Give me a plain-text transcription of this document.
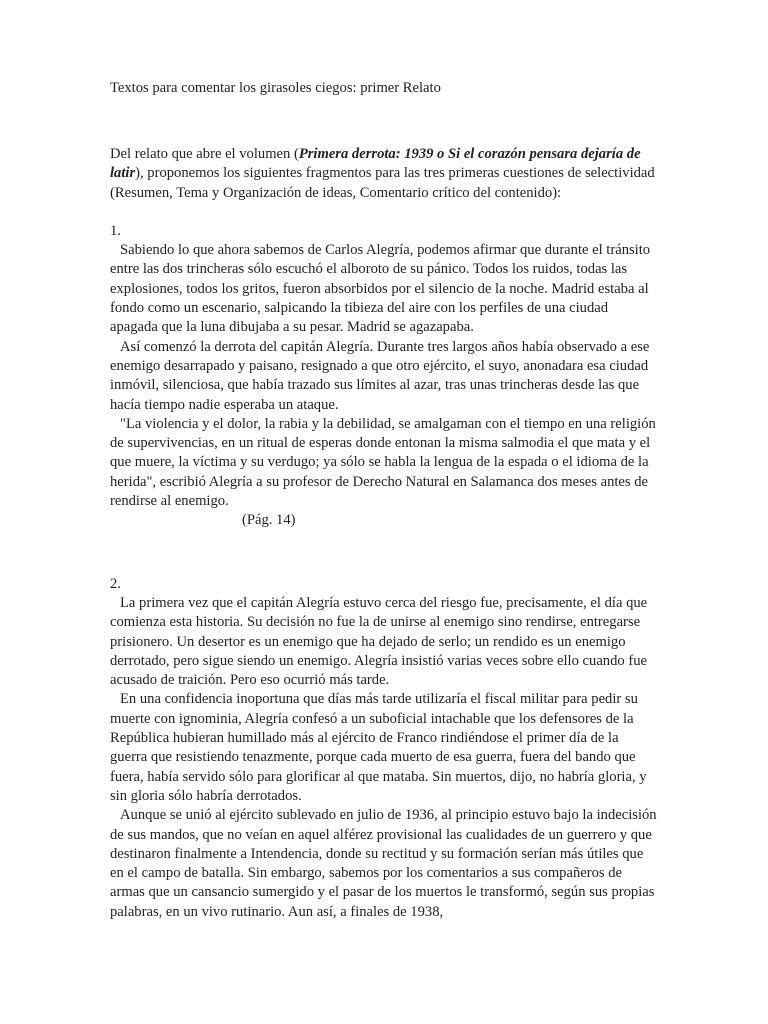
Textos para comentar los girasoles ciegos: primer Relato

Del relato que abre el volumen (Primera derrota: 1939 o Si el corazón pensara dejaría de latir), proponemos los siguientes fragmentos para las tres primeras cuestiones de selectividad (Resumen, Tema y Organización de ideas, Comentario crítico del contenido):

1.

Sabiendo lo que ahora sabemos de Carlos Alegría, podemos afirmar que durante el tránsito entre las dos trincheras sólo escuchó el alboroto de su pánico. Todos los ruidos, todas las explosiones, todos los gritos, fueron absorbidos por el silencio de la noche. Madrid estaba al fondo como un escenario, salpicando la tibieza del aire con los perfiles de una ciudad apagada que la luna dibujaba a su pesar. Madrid se agazapaba.

Así comenzó la derrota del capitán Alegría. Durante tres largos años había observado a ese enemigo desarrapado y paisano, resignado a que otro ejército, el suyo, anonadara esa ciudad inmóvil, silenciosa, que había trazado sus límites al azar, tras unas trincheras desde las que hacía tiempo nadie esperaba un ataque.

"La violencia y el dolor, la rabia y la debilidad, se amalgaman con el tiempo en una religión de supervivencias, en un ritual de esperas donde entonan la misma salmodia el que mata y el que muere, la víctima y su verdugo; ya sólo se habla la lengua de la espada o el idioma de la herida", escribió Alegría a su profesor de Derecho Natural en Salamanca dos meses antes de rendirse al enemigo.

(Pág. 14)

2.

La primera vez que el capitán Alegría estuvo cerca del riesgo fue, precisamente, el día que comienza esta historia. Su decisión no fue la de unirse al enemigo sino rendirse, entregarse prisionero. Un desertor es un enemigo que ha dejado de serlo; un rendido es un enemigo derrotado, pero sigue siendo un enemigo. Alegría insistió varias veces sobre ello cuando fue acusado de traición. Pero eso ocurrió más tarde.

En una confidencia inoportuna que días más tarde utilizaría el fiscal militar para pedir su muerte con ignominia, Alegría confesó a un suboficial intachable que los defensores de la República hubieran humillado más al ejército de Franco rindiéndose el primer día de la guerra que resistiendo tenazmente, porque cada muerto de esa guerra, fuera del bando que fuera, había servido sólo para glorificar al que mataba. Sin muertos, dijo, no habría gloria, y sin gloria sólo habría derrotados.

Aunque se unió al ejército sublevado en julio de 1936, al principio estuvo bajo la indecisión de sus mandos, que no veían en aquel alférez provisional las cualidades de un guerrero y que destinaron finalmente a Intendencia, donde su rectitud y su formación serían más útiles que en el campo de batalla. Sin embargo, sabemos por los comentarios a sus compañeros de armas que un cansancio sumergido y el pasar de los muertos le transformó, según sus propias palabras, en un vivo rutinario. Aun así, a finales de 1938,
